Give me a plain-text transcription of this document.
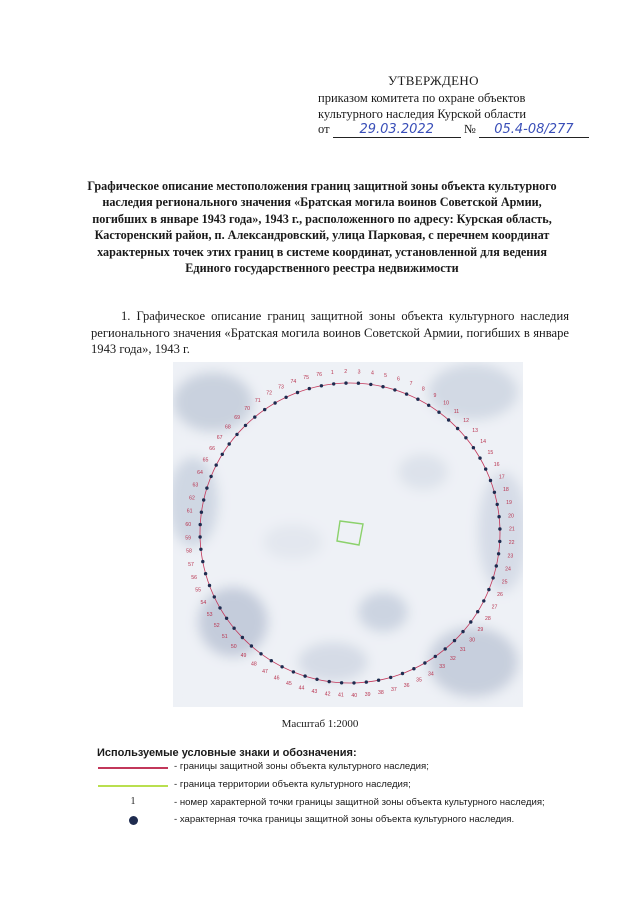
УТВЕРЖДЕНО
приказом комитета по охране объектов
культурного наследия Курской области
от 29.03.2022 № 05.4-08/277
Графическое описание местоположения границ защитной зоны объекта культурного наследия регионального значения «Братская могила воинов Советской Армии, погибших в январе 1943 года», 1943 г., расположенного по адресу: Курская область, Касторенский район, п. Александровский, улица Парковая, с перечнем координат характерных точек этих границ в системе координат, установленной для ведения Единого государственного реестра недвижимости
1. Графическое описание границ защитной зоны объекта культурного наследия регионального значения «Братская могила воинов Советской Армии, погибших в январе 1943 года», 1943 г.
1 2 3 4 5
6
7
8
9
10
11
12
13
14
15
16
17
18
19
20
21
22
23
24
25
26
27
28
29
30
31
32
33
34
35
36
37
38
39
40
41
42
43
44
45
46
47
48
49
50
51
52
53
54
55
56
57
58
59
60
61
62
63
64
65
66
67
68
69
70
71
72
73
74
75
76
Масштаб 1:2000
Используемые условные знаки и обозначения:
- границы защитной зоны объекта культурного наследия;
- граница территории объекта культурного наследия;
1	- номер характерной точки границы защитной зоны объекта культурного наследия;
- характерная точка границы защитной зоны объекта культурного наследия.
